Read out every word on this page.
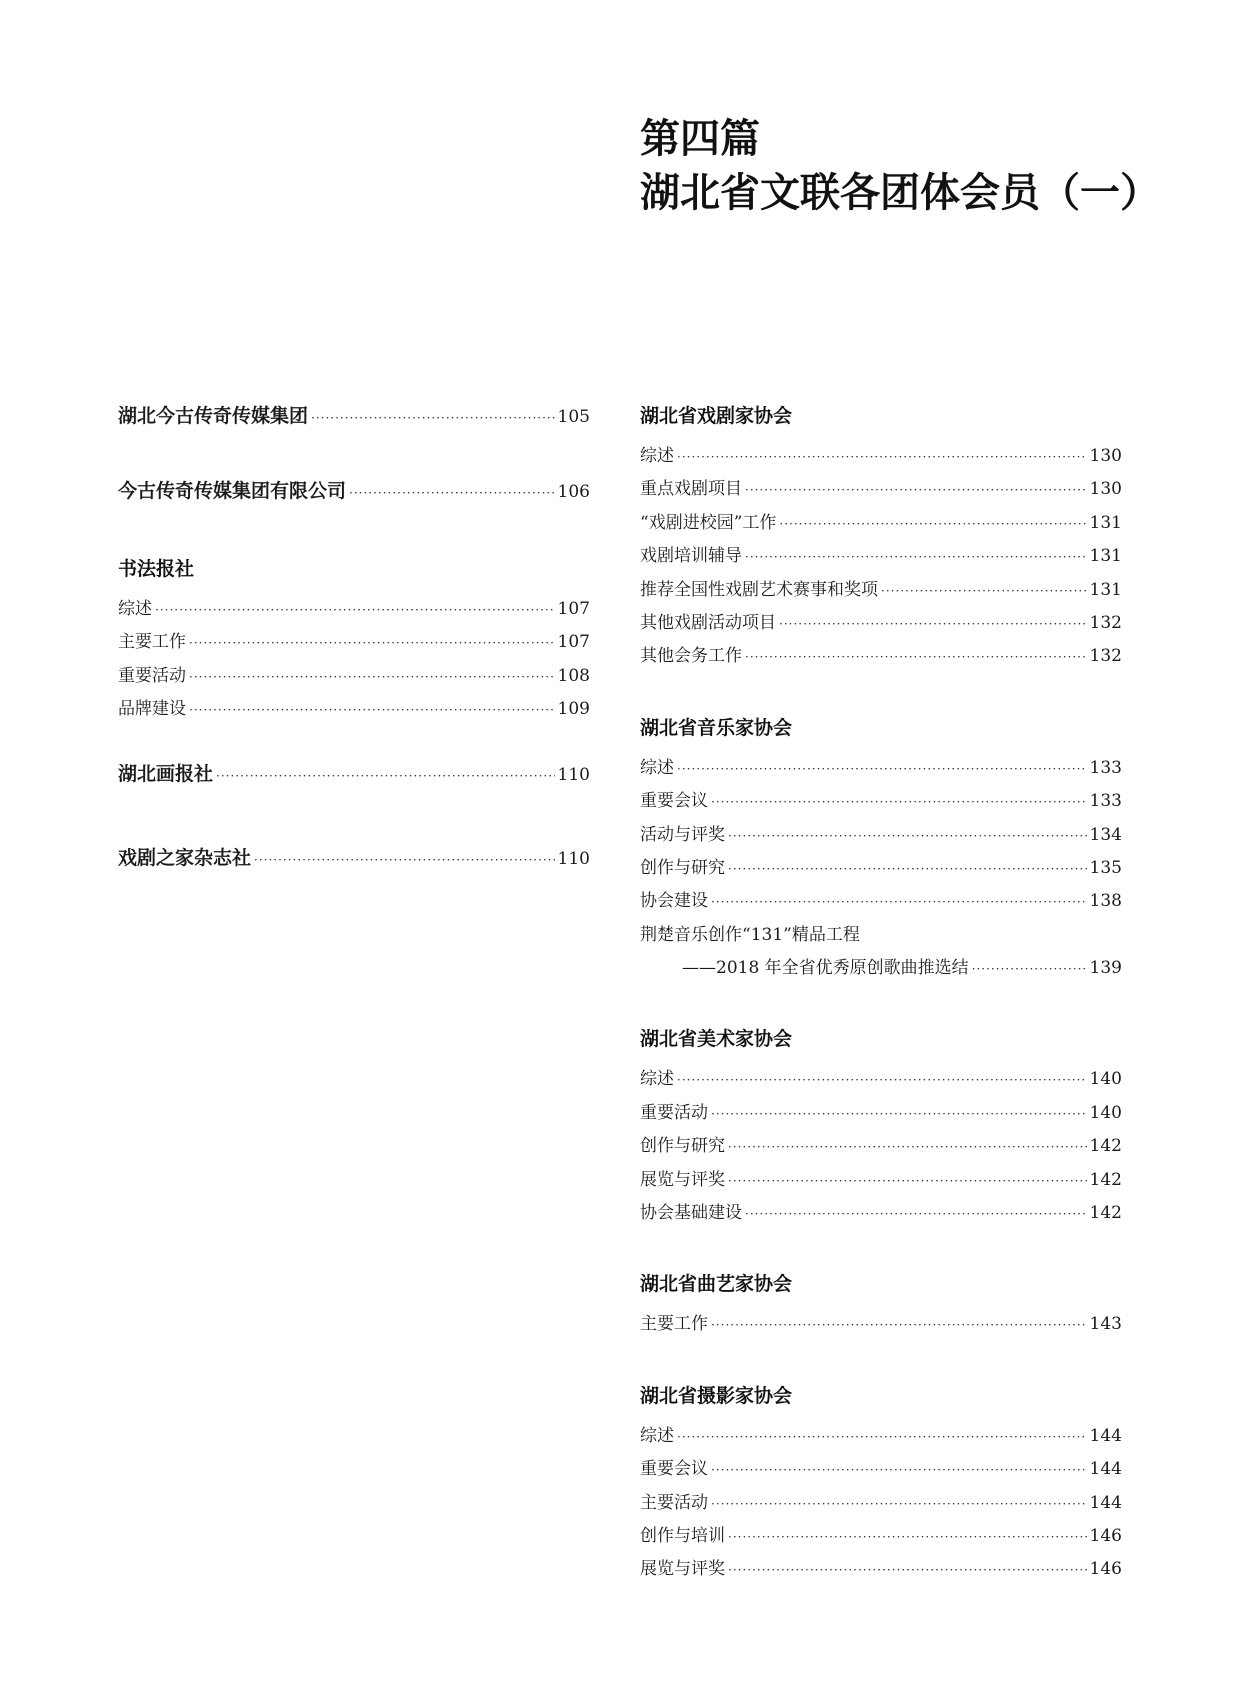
第四篇
湖北省文联各团体会员（一）
湖北今古传奇传媒集团 ·····	105
今古传奇传媒集团有限公司 ·····	106
书法报社
综述 ·····	107
主要工作 ·····	107
重要活动 ·····	108
品牌建设 ·····	109
湖北画报社 ·····	110
戏剧之家杂志社 ·····	110
湖北省戏剧家协会
综述 ·····	130
重点戏剧项目 ·····	130
“戏剧进校园”工作 ·····	131
戏剧培训辅导 ·····	131
推荐全国性戏剧艺术赛事和奖项 ·····	131
其他戏剧活动项目 ·····	132
其他会务工作 ·····	132
湖北省音乐家协会
综述 ·····	133
重要会议 ·····	133
活动与评奖 ·····	134
创作与研究 ·····	135
协会建设 ·····	138
荆楚音乐创作“131”精品工程
——2018 年全省优秀原创歌曲推选结 ·····	139
湖北省美术家协会
综述 ·····	140
重要活动 ·····	140
创作与研究 ·····	142
展览与评奖 ·····	142
协会基础建设 ·····	142
湖北省曲艺家协会
主要工作 ·····	143
湖北省摄影家协会
综述 ·····	144
重要会议 ·····	144
主要活动 ·····	144
创作与培训 ·····	146
展览与评奖 ·····	146
